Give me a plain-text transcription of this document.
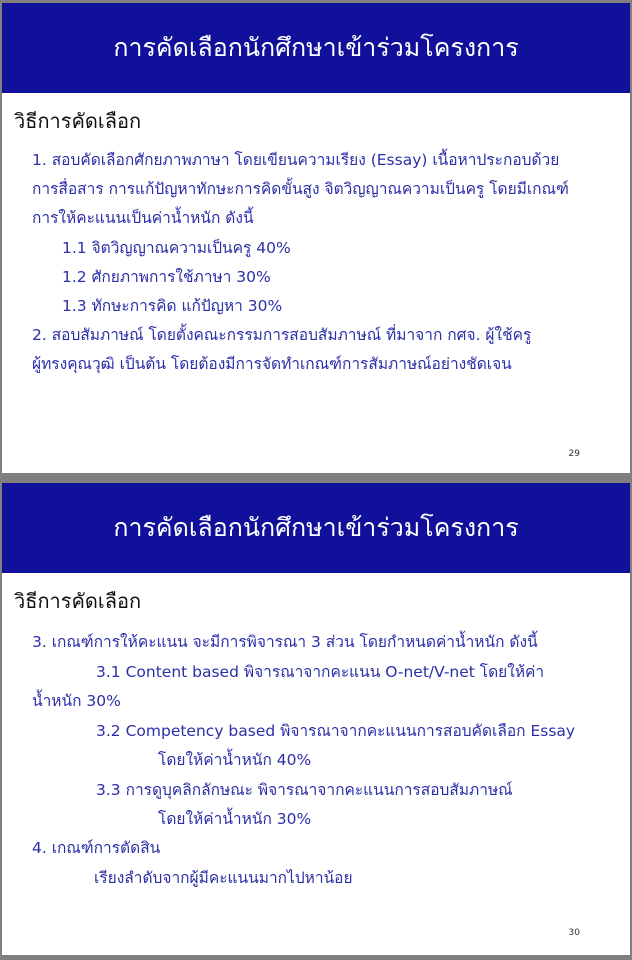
การคัดเลือกนักศึกษาเข้าร่วมโครงการ
วิธีการคัดเลือก
1. สอบคัดเลือกศักยภาพภาษา โดยเขียนความเรียง (Essay) เนื้อหาประกอบด้วย
การสื่อสาร การแก้ปัญหาทักษะการคิดขั้นสูง จิตวิญญาณความเป็นครู โดยมีเกณฑ์
การให้คะแนนเป็นค่าน้ำหนัก ดังนี้
1.1 จิตวิญญาณความเป็นครู 40%
1.2 ศักยภาพการใช้ภาษา 30%
1.3 ทักษะการคิด แก้ปัญหา 30%
2. สอบสัมภาษณ์ โดยตั้งคณะกรรมการสอบสัมภาษณ์ ที่มาจาก กศจ. ผู้ใช้ครู
ผู้ทรงคุณวุฒิ เป็นต้น โดยต้องมีการจัดทำเกณฑ์การสัมภาษณ์อย่างชัดเจน
29
การคัดเลือกนักศึกษาเข้าร่วมโครงการ
วิธีการคัดเลือก
3. เกณฑ์การให้คะแนน จะมีการพิจารณา 3 ส่วน โดยกำหนดค่าน้ำหนัก ดังนี้
3.1 Content based พิจารณาจากคะแนน O-net/V-net โดยให้ค่า
น้ำหนัก 30%
3.2 Competency based พิจารณาจากคะแนนการสอบคัดเลือก Essay
โดยให้ค่าน้ำหนัก 40%
3.3 การดูบุคลิกลักษณะ พิจารณาจากคะแนนการสอบสัมภาษณ์
โดยให้ค่าน้ำหนัก 30%
4. เกณฑ์การตัดสิน
เรียงลำดับจากผู้มีคะแนนมากไปหาน้อย
30
